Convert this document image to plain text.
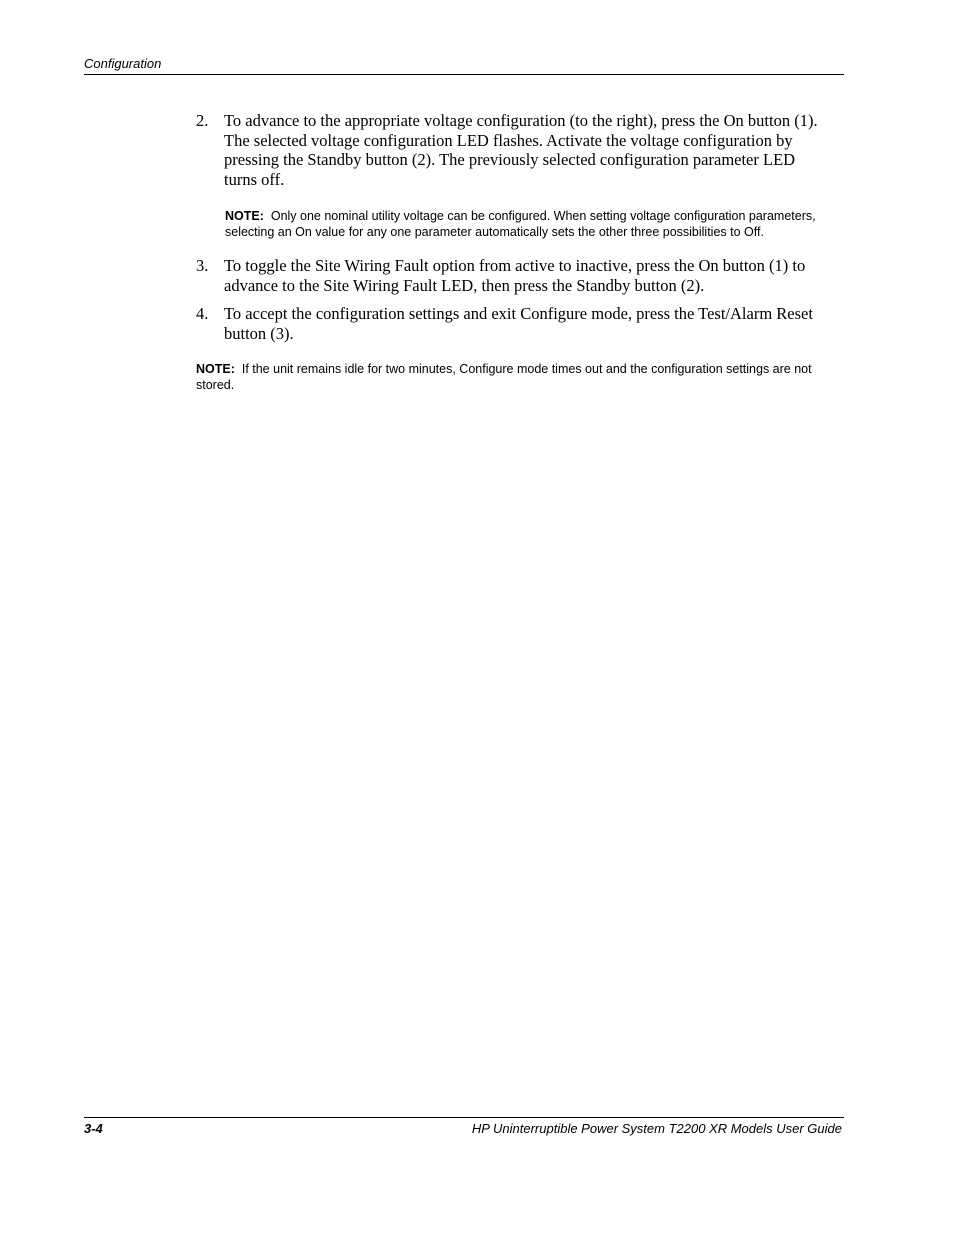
Configuration
2. To advance to the appropriate voltage configuration (to the right), press the On button (1). The selected voltage configuration LED flashes. Activate the voltage configuration by pressing the Standby button (2). The previously selected configuration parameter LED turns off.
NOTE: Only one nominal utility voltage can be configured. When setting voltage configuration parameters, selecting an On value for any one parameter automatically sets the other three possibilities to Off.
3. To toggle the Site Wiring Fault option from active to inactive, press the On button (1) to advance to the Site Wiring Fault LED, then press the Standby button (2).
4. To accept the configuration settings and exit Configure mode, press the Test/Alarm Reset button (3).
NOTE: If the unit remains idle for two minutes, Configure mode times out and the configuration settings are not stored.
3-4	HP Uninterruptible Power System T2200 XR Models User Guide
